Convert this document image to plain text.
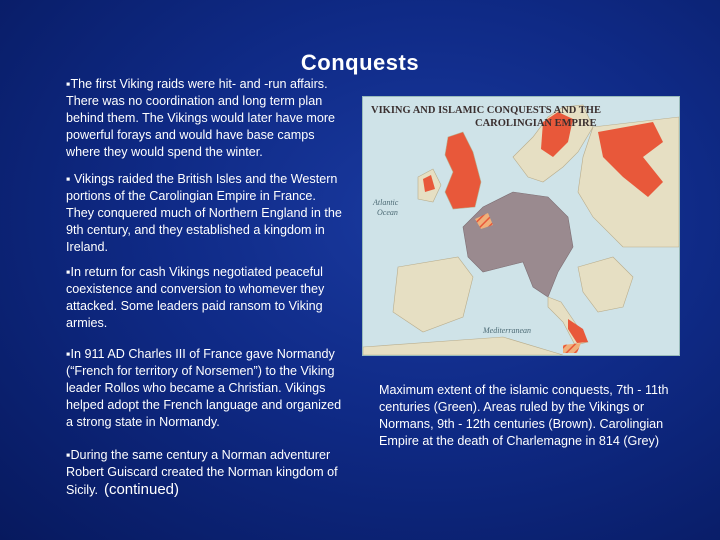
Conquests

▪The first Viking raids were hit- and -run affairs. There was no coordination and long term plan behind them. The Vikings would later have more powerful forays and would have base camps where they would spend the winter.

▪ Vikings raided the British Isles and the Western portions of the Carolingian Empire in France. They conquered much of Northern England in the 9th century, and they established a kingdom in Ireland.

▪In return for cash Vikings negotiated peaceful coexistence and conversion to whomever they attacked. Some leaders paid ransom to Viking armies.

▪In 911 AD Charles III of France gave Normandy (“French for territory of Norsemen”) to the Viking leader Rollos who became a Christian. Vikings helped adopt the French language and organized a strong state in Normandy.

▪During the same century a Norman adventurer Robert Guiscard created the Norman kingdom of Sicily. (continued)

VIKING AND ISLAMIC CONQUESTS AND THE
CAROLINGIAN EMPIRE
Atlantic
Ocean
Mediterranean
Maximum extent of the islamic conquests, 7th - 11th centuries (Green). Areas ruled by the Vikings or Normans, 9th - 12th centuries (Brown). Carolingian Empire at the death of Charlemagne in 814 (Grey)
